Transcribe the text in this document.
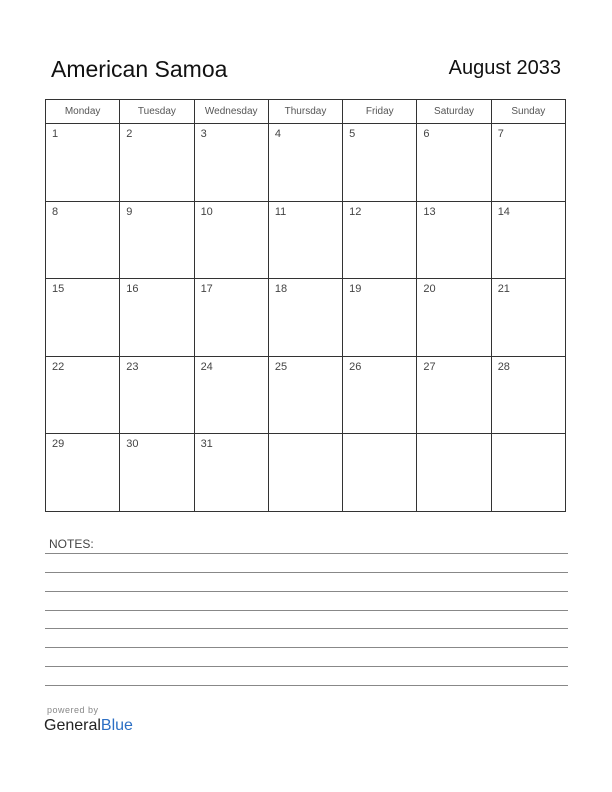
American Samoa	August 2033
Monday	Tuesday	Wednesday	Thursday	Friday	Saturday	Sunday

1	2	3	4	5	6	7

8	9	10	11	12	13	14

15	16	17	18	19	20	21

22	23	24	25	26	27	28

29	30	31				

NOTES:
powered by
GeneralBlue
